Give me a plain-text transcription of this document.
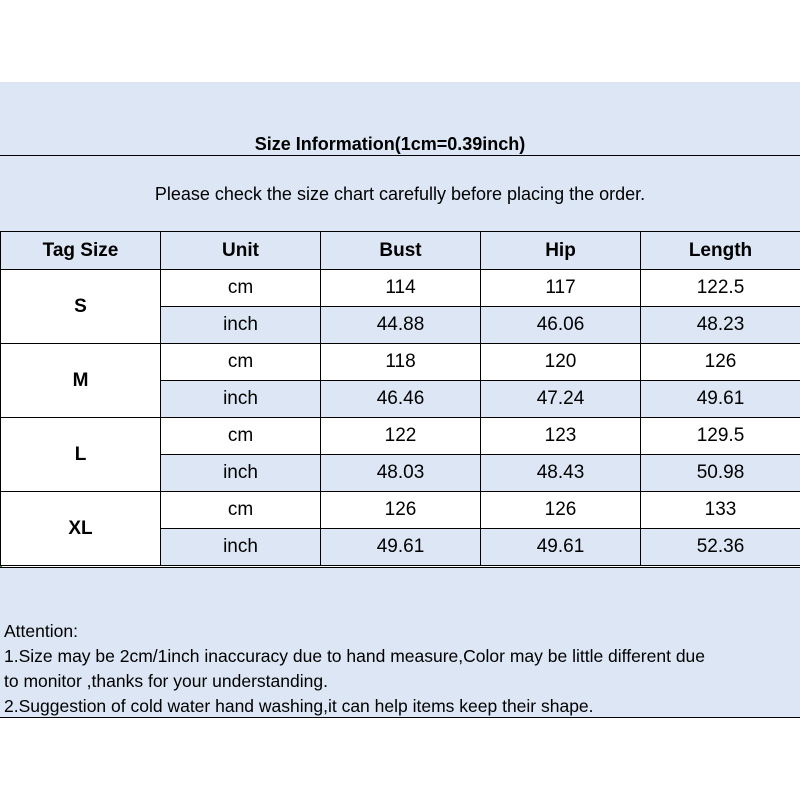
Size Information(1cm=0.39inch)
Please check the size chart carefully before placing the order.
Tag Size	Unit	Bust	Hip	Length
S	cm	114	117	122.5
	inch	44.88	46.06	48.23
M	cm	118	120	126
	inch	46.46	47.24	49.61
L	cm	122	123	129.5
	inch	48.03	48.43	50.98
XL	cm	126	126	133
	inch	49.61	49.61	52.36

Attention:

1.Size may be 2cm/1inch inaccuracy due to hand measure,Color may be little different due

to monitor ,thanks for your understanding.

2.Suggestion of cold water hand washing,it can help items keep their shape.
